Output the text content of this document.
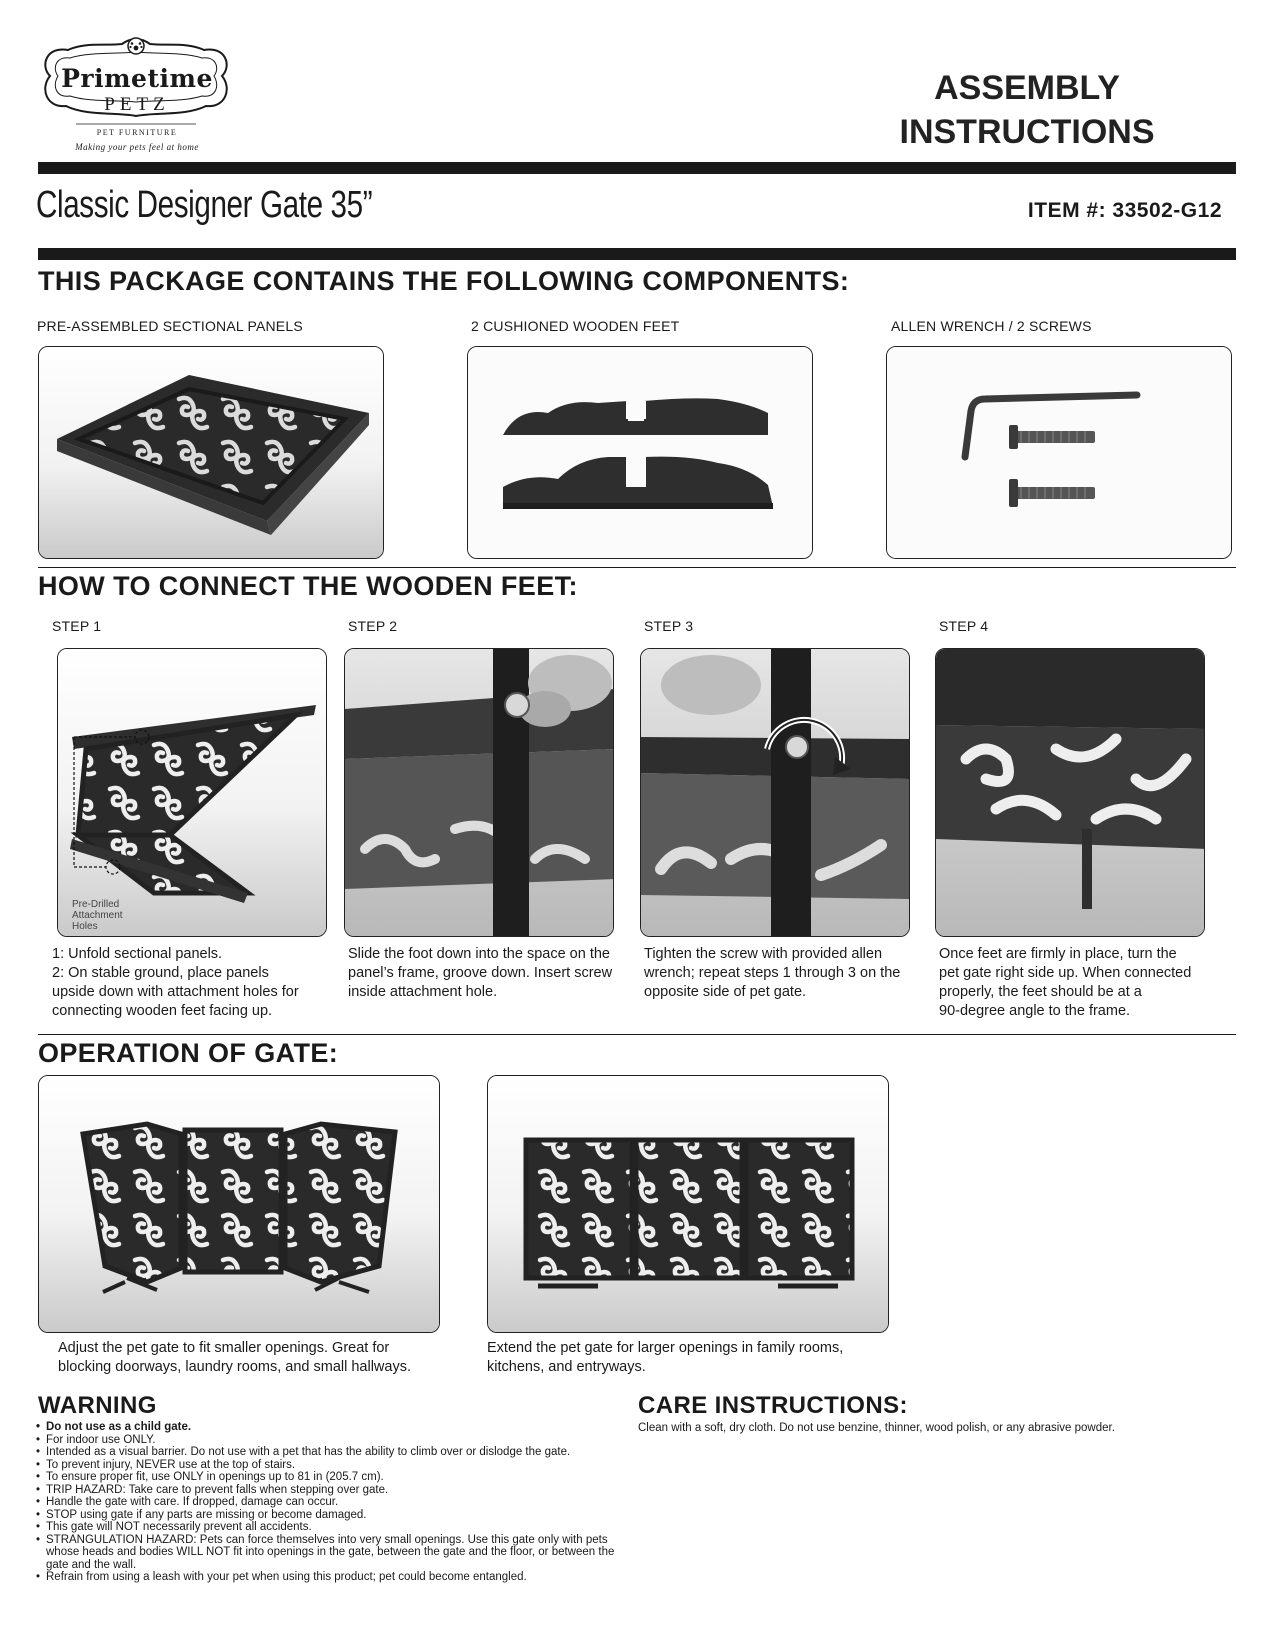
Primetime
PETZ
PET FURNITURE
Making your pets feel at home
ASSEMBLY
INSTRUCTIONS
Classic Designer Gate 35”	ITEM #: 33502-G12
THIS PACKAGE CONTAINS THE FOLLOWING COMPONENTS:
PRE-ASSEMBLED SECTIONAL PANELS	2 CUSHIONED WOODEN FEET	ALLEN WRENCH / 2 SCREWS
HOW TO CONNECT THE WOODEN FEET:
STEP 1	STEP 2	STEP 3	STEP 4
Pre-Drilled
Attachment
Holes
1: Unfold sectional panels.
2: On stable ground, place panels
upside down with attachment holes for
connecting wooden feet facing up.
Slide the foot down into the space on the
panel’s frame, groove down. Insert screw
inside attachment hole.
Tighten the screw with provided allen
wrench; repeat steps 1 through 3 on the
opposite side of pet gate.
Once feet are firmly in place, turn the
pet gate right side up. When connected
properly, the feet should be at a
90-degree angle to the frame.
OPERATION OF GATE:
Adjust the pet gate to fit smaller openings. Great for
blocking doorways, laundry rooms, and small hallways.
Extend the pet gate for larger openings in family rooms,
kitchens, and entryways.
WARNING
• Do not use as a child gate.
• For indoor use ONLY.
• Intended as a visual barrier. Do not use with a pet that has the ability to climb over or dislodge the gate.
• To prevent injury, NEVER use at the top of stairs.
• To ensure proper fit, use ONLY in openings up to 81 in (205.7 cm).
• TRIP HAZARD: Take care to prevent falls when stepping over gate.
• Handle the gate with care. If dropped, damage can occur.
• STOP using gate if any parts are missing or become damaged.
• This gate will NOT necessarily prevent all accidents.
• STRANGULATION HAZARD: Pets can force themselves into very small openings. Use this gate only with pets whose heads and bodies WILL NOT fit into openings in the gate, between the gate and the floor, or between the gate and the wall.
• Refrain from using a leash with your pet when using this product; pet could become entangled.
CARE INSTRUCTIONS:
Clean with a soft, dry cloth. Do not use benzine, thinner, wood polish, or any abrasive powder.
